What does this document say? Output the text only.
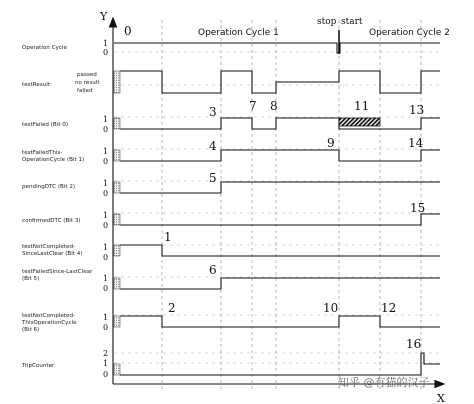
Y
X
0	Operation Cycle 1
stop start
Operation Cycle 2
Operation Cycle
testResult:
passed
no result
failed
testFailed (Bit 0)
testFailedThis- OperationCycle (Bit 1)
pendingDTC (Bit 2)
confirmedDTC (Bit 3)
testNotCompleted- SinceLastClear (Bit 4)
testFailedSince-LastClear (Bit 5)
testNotCompleted- ThisOperationCycle (Bit 6)
TripCounter
1
0
1
0
1
0
1
0
1
0
1
0
1
0
1
0
2
1
0
1
2
3
4
5
6
7 8
9
10
11
12
13
14
15
16
知乎 @有猫的汉子
